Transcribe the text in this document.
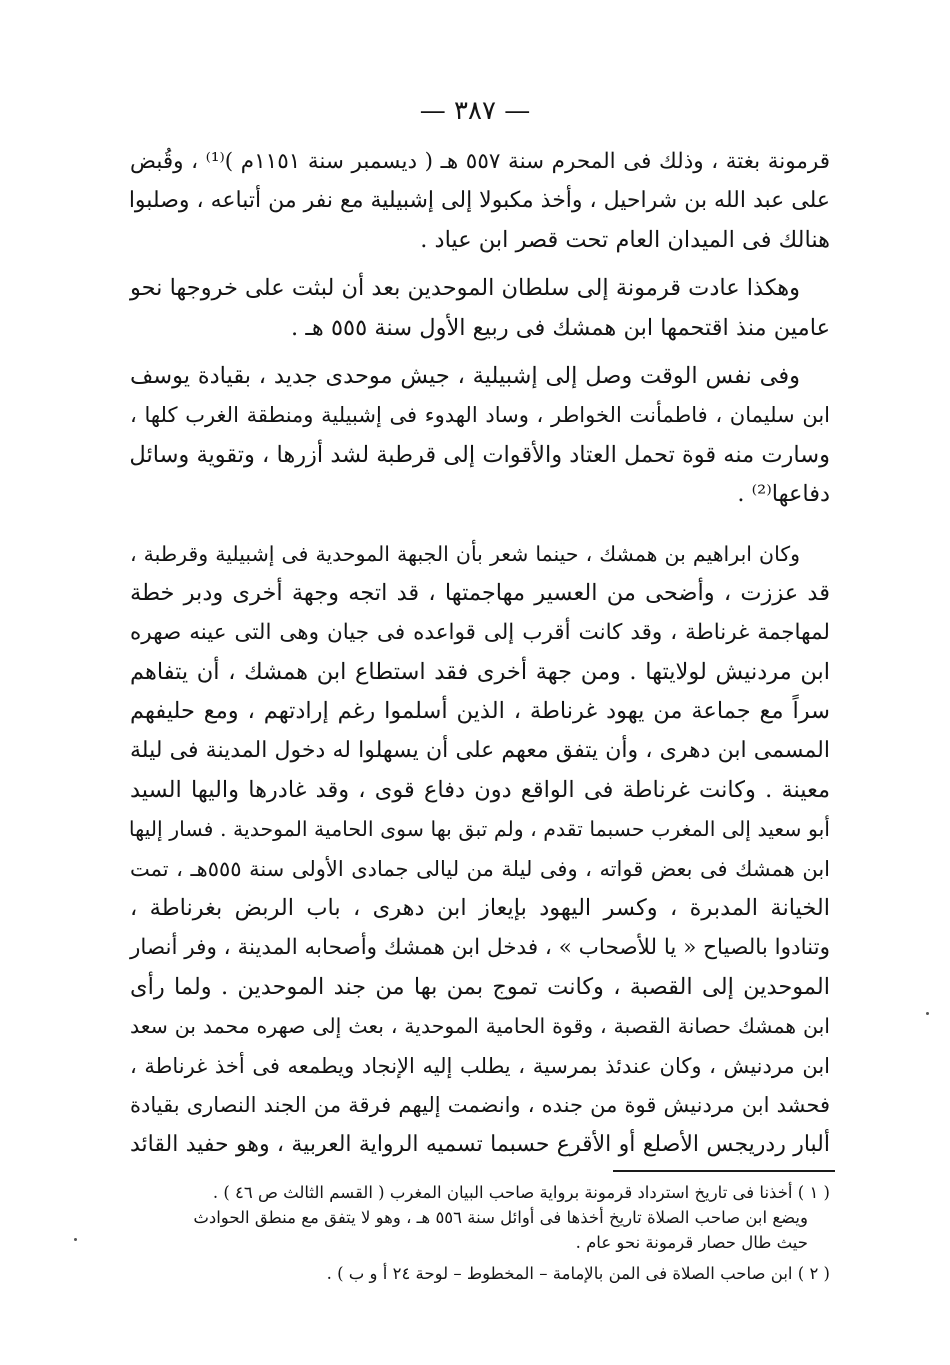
— ٣٨٧ —
قرمونة بغتة ، وذلك فى المحرم سنة ٥٥٧ هـ ( ديسمبر سنة ١١٥١م )⁽¹⁾ ، وقُبض
على عبد الله بن شراحيل ، وأخذ مكبولا إلى إشبيلية مع نفر من أتباعه ، وصلبوا
هنالك فى الميدان العام تحت قصر ابن عياد .
وهكذا عادت قرمونة إلى سلطان الموحدين بعد أن لبثت على خروجها نحو
عامين منذ اقتحمها ابن همشك فى ربيع الأول سنة ٥٥٥ هـ .
وفى نفس الوقت وصل إلى إشبيلية ، جيش موحدى جديد ، بقيادة يوسف
ابن سليمان ، فاطمأنت الخواطر ، وساد الهدوء فى إشبيلية ومنطقة الغرب كلها ،
وسارت منه قوة تحمل العتاد والأقوات إلى قرطبة لشد أزرها ، وتقوية وسائل
دفاعها⁽²⁾ .
وكان ابراهيم بن همشك ، حينما شعر بأن الجبهة الموحدية فى إشبيلية وقرطبة ،
قد عززت ، وأضحى من العسير مهاجمتها ، قد اتجه وجهة أخرى ودبر خطة
لمهاجمة غرناطة ، وقد كانت أقرب إلى قواعده فى جيان وهى التى عينه صهره
ابن مردنيش لولايتها . ومن جهة أخرى فقد استطاع ابن همشك ، أن يتفاهم
سراً مع جماعة من يهود غرناطة ، الذين أسلموا رغم إرادتهم ، ومع حليفهم
المسمى ابن دهرى ، وأن يتفق معهم على أن يسهلوا له دخول المدينة فى ليلة
معينة . وكانت غرناطة فى الواقع دون دفاع قوى ، وقد غادرها واليها السيد
أبو سعيد إلى المغرب حسبما تقدم ، ولم تبق بها سوى الحامية الموحدية . فسار إليها
ابن همشك فى بعض قواته ، وفى ليلة من ليالى جمادى الأولى سنة ٥٥٥هـ ، تمت
الخيانة المدبرة ، وكسر اليهود بإيعاز ابن دهرى ، باب الربض بغرناطة ،
وتنادوا بالصياح « يا للأصحاب » ، فدخل ابن همشك وأصحابه المدينة ، وفر أنصار
الموحدين إلى القصبة ، وكانت تموج بمن بها من جند الموحدين . ولما رأى
ابن همشك حصانة القصبة ، وقوة الحامية الموحدية ، بعث إلى صهره محمد بن سعد
ابن مردنيش ، وكان عندئذ بمرسية ، يطلب إليه الإنجاد ويطمعه فى أخذ غرناطة ،
فحشد ابن مردنيش قوة من جنده ، وانضمت إليهم فرقة من الجند النصارى بقيادة
ألبار ردريجس الأصلع أو الأقرع حسبما تسميه الرواية العربية ، وهو حفيد القائد
( ١ ) أخذنا فى تاريخ استرداد قرمونة برواية صاحب البيان المغرب ( القسم الثالث ص ٤٦ ) .
ويضع ابن صاحب الصلاة تاريخ أخذها فى أوائل سنة ٥٥٦ هـ ، وهو لا يتفق مع منطق الحوادث
حيث طال حصار قرمونة نحو عام .
( ٢ ) ابن صاحب الصلاة فى المن بالإمامة – المخطوط – لوحة ٢٤ أ و ب ) .
